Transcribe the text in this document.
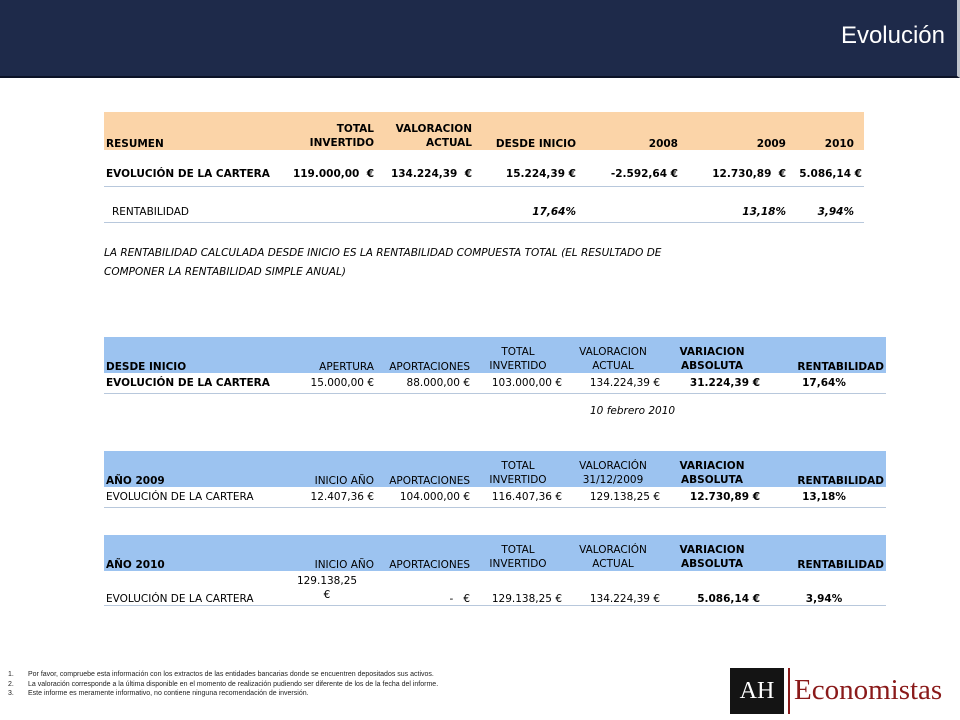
Evolución
RESUMEN	TOTAL INVERTIDO	VALORACION ACTUAL	DESDE INICIO	2008	2009	2010

EVOLUCIÓN DE LA CARTERA	119.000,00 €	134.224,39 €	15.224,39 €	-2.592,64 €	12.730,89 €	5.086,14 €

RENTABILIDAD			17,64%		13,18%	3,94%
LA RENTABILIDAD CALCULADA DESDE INICIO ES LA RENTABILIDAD COMPUESTA TOTAL (EL RESULTADO DE COMPONER LA RENTABILIDAD SIMPLE ANUAL)
DESDE INICIO	APERTURA	APORTACIONES	TOTAL INVERTIDO	VALORACION ACTUAL	VARIACION ABSOLUTA	RENTABILIDAD
EVOLUCIÓN DE LA CARTERA	15.000,00 €	88.000,00 €	103.000,00 €	134.224,39 €	31.224,39 €	17,64%
10 febrero 2010
AÑO 2009	INICIO AÑO	APORTACIONES	TOTAL INVERTIDO	VALORACIÓN 31/12/2009	VARIACION ABSOLUTA	RENTABILIDAD
EVOLUCIÓN DE LA CARTERA	12.407,36 €	104.000,00 €	116.407,36 €	129.138,25 €	12.730,89 €	13,18%
AÑO 2010	INICIO AÑO	APORTACIONES	TOTAL INVERTIDO	VALORACIÓN ACTUAL	VARIACION ABSOLUTA	RENTABILIDAD
EVOLUCIÓN DE LA CARTERA	129.138,25 €	- €	129.138,25 €	134.224,39 €	5.086,14 €	3,94%
1.	Por favor, compruebe esta información con los extractos de las entidades bancarias donde se encuentren depositados sus activos.
2.	La valoración corresponde a la última disponible en el momento de realización pudiendo ser diferente de los de la fecha del informe.
3.	Este informe es meramente informativo, no contiene ninguna recomendación de inversión.	AH Economistas
